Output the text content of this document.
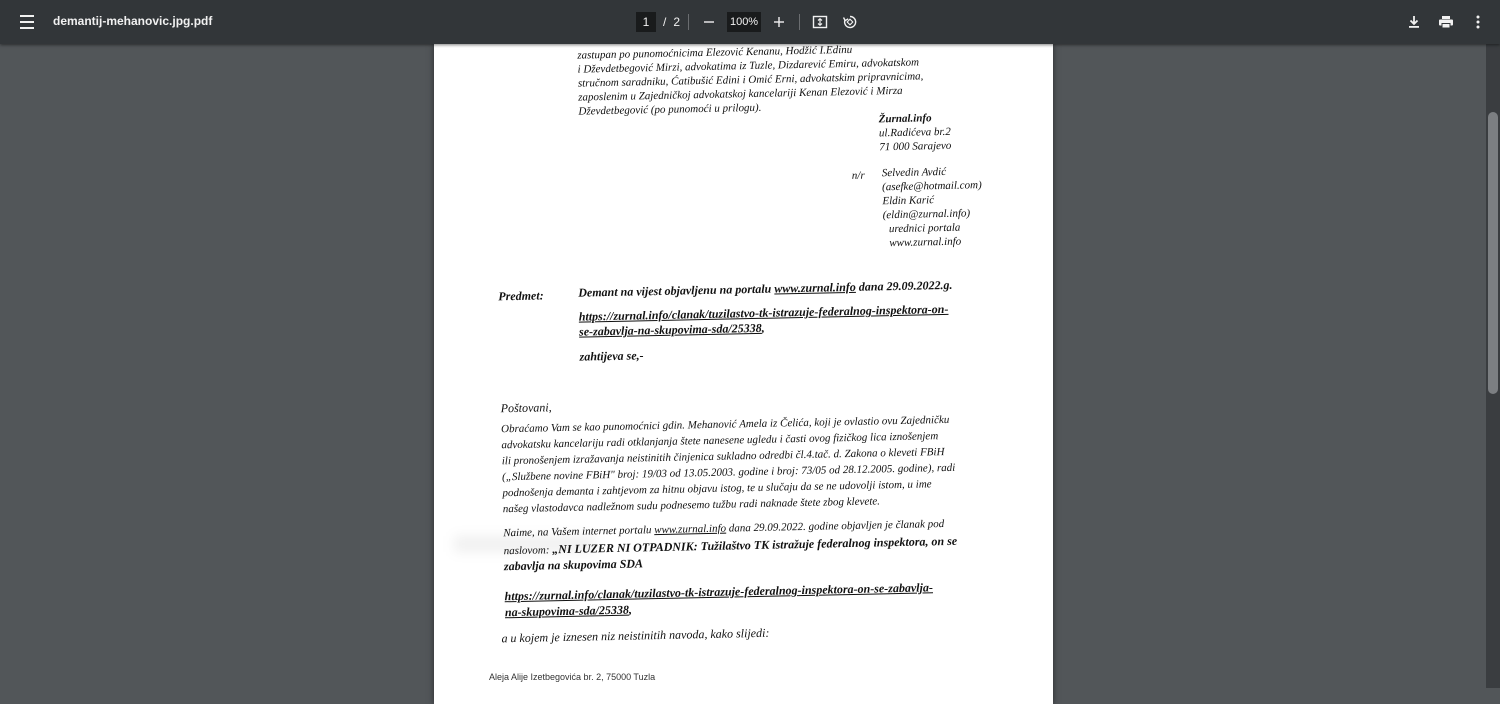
demantij-mehanovic.jpg.pdf	1	/ 2	100%
zastupan po punomoćnicima Elezović Kenanu, Hodžić I.Edinu
i Dževdetbegović Mirzi, advokatima iz Tuzle, Dizdarević Emiru, advokatskom
stručnom saradniku, Ćatibušić Edini i Omić Erni, advokatskim pripravnicima,
zaposlenim u Zajedničkoj advokatskoj kancelariji Kenan Elezović i Mirza
Dževdetbegović (po punomoći u prilogu).
Žurnal.info
ul.Radićeva br.2
71 000 Sarajevo
n/r Selvedin Avdić
(asefke@hotmail.com)
Eldin Karić
(eldin@zurnal.info)
urednici portala
www.zurnal.info
Predmet:	Demant na vijest objavljenu na portalu www.zurnal.info dana 29.09.2022.g.
https://zurnal.info/clanak/tuzilastvo-tk-istrazuje-federalnog-inspektora-on-
se-zabavlja-na-skupovima-sda/25338,
zahtijeva se,-
Poštovani,
Obraćamo Vam se kao punomoćnici gdin. Mehanović Amela iz Čelića, koji je ovlastio ovu Zajedničku
advokatsku kancelariju radi otklanjanja štete nanesene ugledu i časti ovog fizičkog lica iznošenjem
ili pronošenjem izražavanja neistinitih činjenica sukladno odredbi čl.4.tač. d. Zakona o kleveti FBiH
(„Službene novine FBiH" broj: 19/03 od 13.05.2003. godine i broj: 73/05 od 28.12.2005. godine), radi
podnošenja demanta i zahtjevom za hitnu objavu istog, te u slučaju da se ne udovolji istom, u ime
našeg vlastodavca nadležnom sudu podnesemo tužbu radi naknade štete zbog klevete.
Naime, na Vašem internet portalu www.zurnal.info dana 29.09.2022. godine objavljen je članak pod
naslovom: „NI LUZER NI OTPADNIK: Tužilaštvo TK istražuje federalnog inspektora, on se
zabavlja na skupovima SDA
https://zurnal.info/clanak/tuzilastvo-tk-istrazuje-federalnog-inspektora-on-se-zabavlja-
na-skupovima-sda/25338,
a u kojem je iznesen niz neistinitih navoda, kako slijedi:
Aleja Alije Izetbegovića br. 2, 75000 Tuzla
